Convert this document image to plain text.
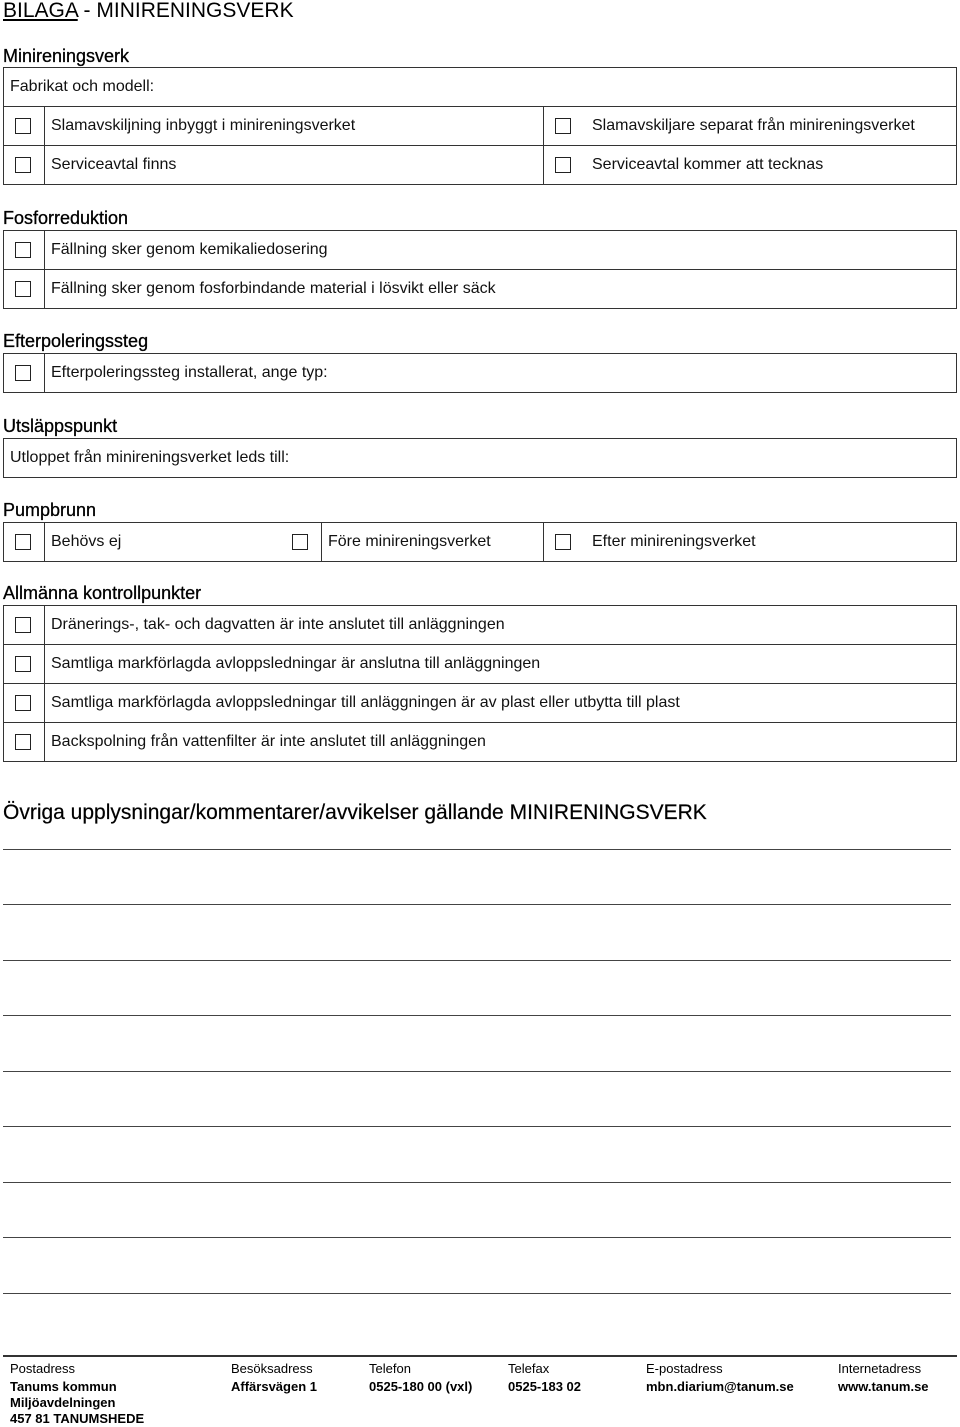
BILAGA - MINIRENINGSVERK
Minireningsverk
Fabrikat och modell:
Slamavskiljning inbyggt i minireningsverket	Slamavskiljare separat från minireningsverket
Serviceavtal finns	Serviceavtal kommer att tecknas
Fosforreduktion
Fällning sker genom kemikaliedosering
Fällning sker genom fosforbindande material i lösvikt eller säck
Efterpoleringssteg
Efterpoleringssteg installerat, ange typ:
Utsläppspunkt
Utloppet från minireningsverket leds till:
Pumpbrunn
Behövs ej	Före minireningsverket	Efter minireningsverket
Allmänna kontrollpunkter
Dränerings-, tak- och dagvatten är inte anslutet till anläggningen
Samtliga markförlagda avloppsledningar är anslutna till anläggningen
Samtliga markförlagda avloppsledningar till anläggningen är av plast eller utbytta till plast
Backspolning från vattenfilter är inte anslutet till anläggningen
Övriga upplysningar/kommentarer/avvikelser gällande MINIRENINGSVERK
Postadress
Tanums kommun
Miljöavdelningen
457 81 TANUMSHEDE
Besöksadress
Affärsvägen 1
Telefon
0525-180 00 (vxl)
Telefax
0525-183 02
E-postadress
mbn.diarium@tanum.se
Internetadress
www.tanum.se
